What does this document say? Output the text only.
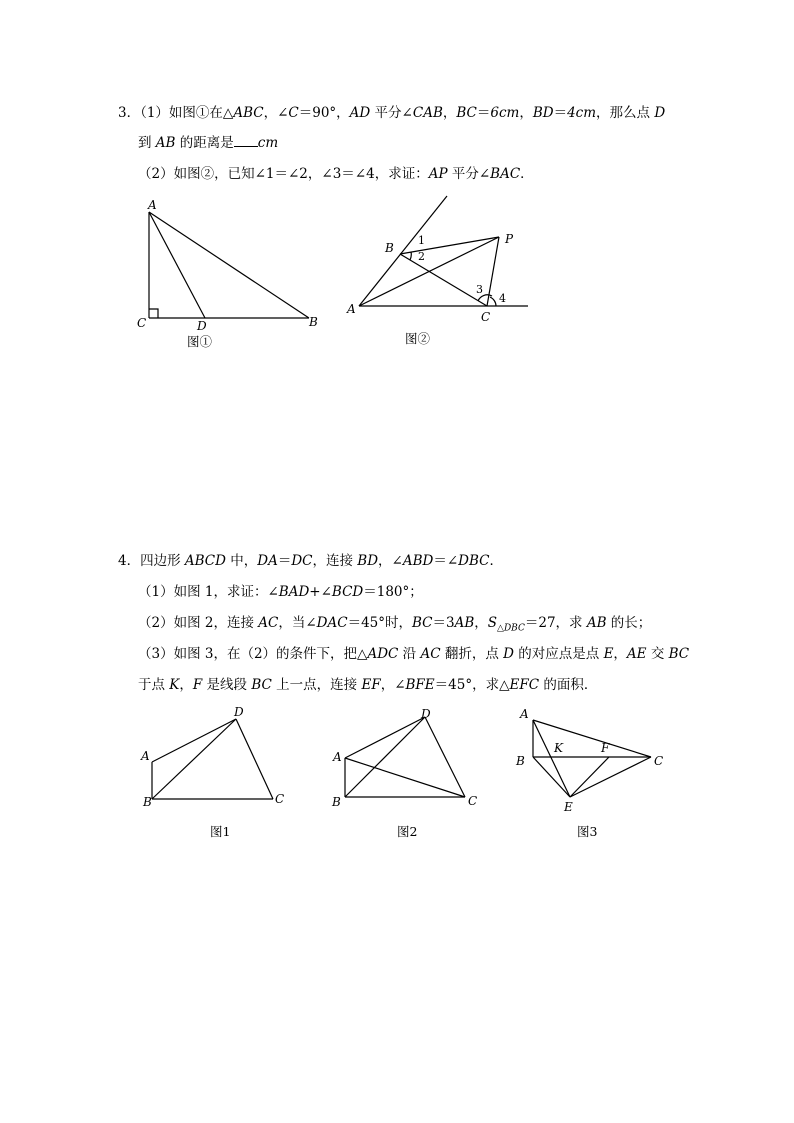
3．（1）如图①在△ABC，∠C＝90°，AD 平分∠CAB，BC＝6cm，BD＝4cm，那么点 D
到 AB 的距离是 cm
（2）如图②，已知∠1＝∠2，∠3＝∠4，求证：AP 平分∠BAC．
A
C	D	B
图①
B
P
A
C
1
2
3
4
图②
4．四边形 ABCD 中，DA＝DC，连接 BD，∠ABD＝∠DBC．
（1）如图 1，求证：∠BAD+∠BCD＝180°；
（2）如图 2，连接 AC，当∠DAC＝45°时，BC＝3AB，$S_{\triangle DBC}=27$，求 AB 的长；
（3）如图 3，在（2）的条件下，把△ADC 沿 AC 翻折，点 D 的对应点是点 E，AE 交 BC
于点 K，F 是线段 BC 上一点，连接 EF，∠BFE＝45°，求△EFC 的面积．
D
A
B	C
图1
D
A
B	C
图2
A
B	C
K	F
E
图3
